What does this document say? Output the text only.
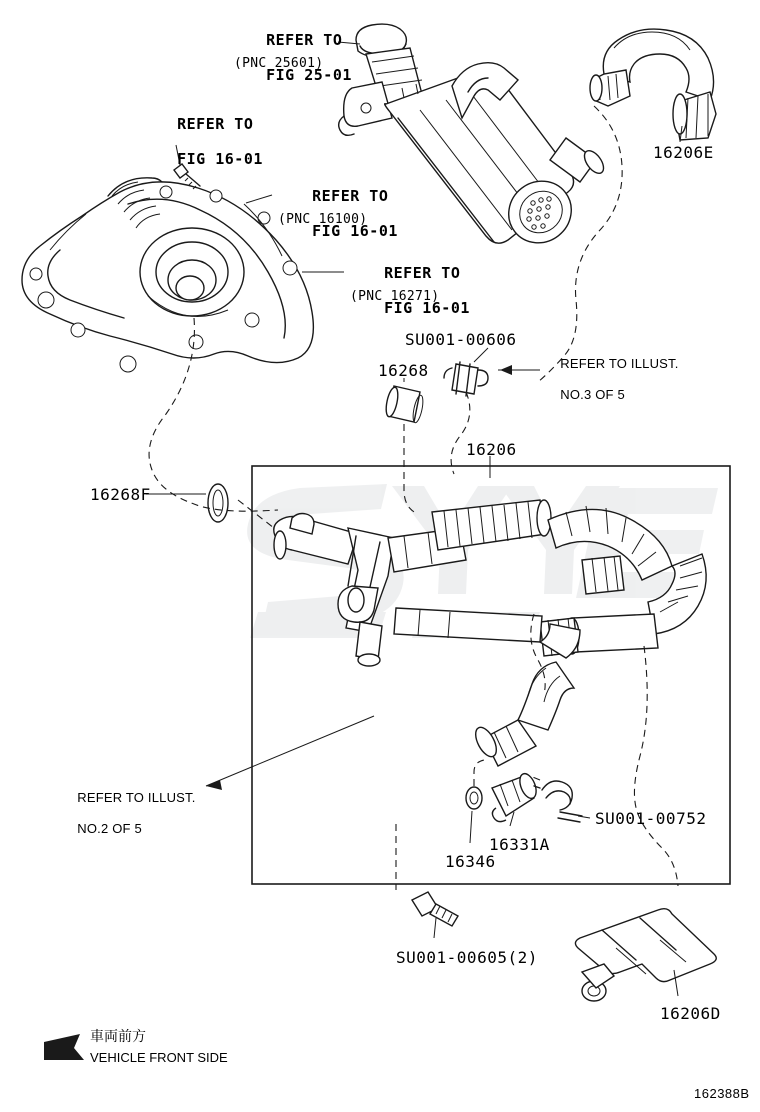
REFER TO

FIG 25-01

(PNC 25601)

REFER TO

FIG 16-01

REFER TO

FIG 16-01

(PNC 16100)

REFER TO

FIG 16-01

(PNC 16271)
16206E
SU001-00606
16268	REFER TO ILLUST.

NO.3 OF 5

16206
16268F

REFER TO ILLUST.

NO.2 OF 5

SU001-00752
16331A
16346
SU001-00605(2)
16206D
車両前方
VEHICLE FRONT SIDE
162388B
